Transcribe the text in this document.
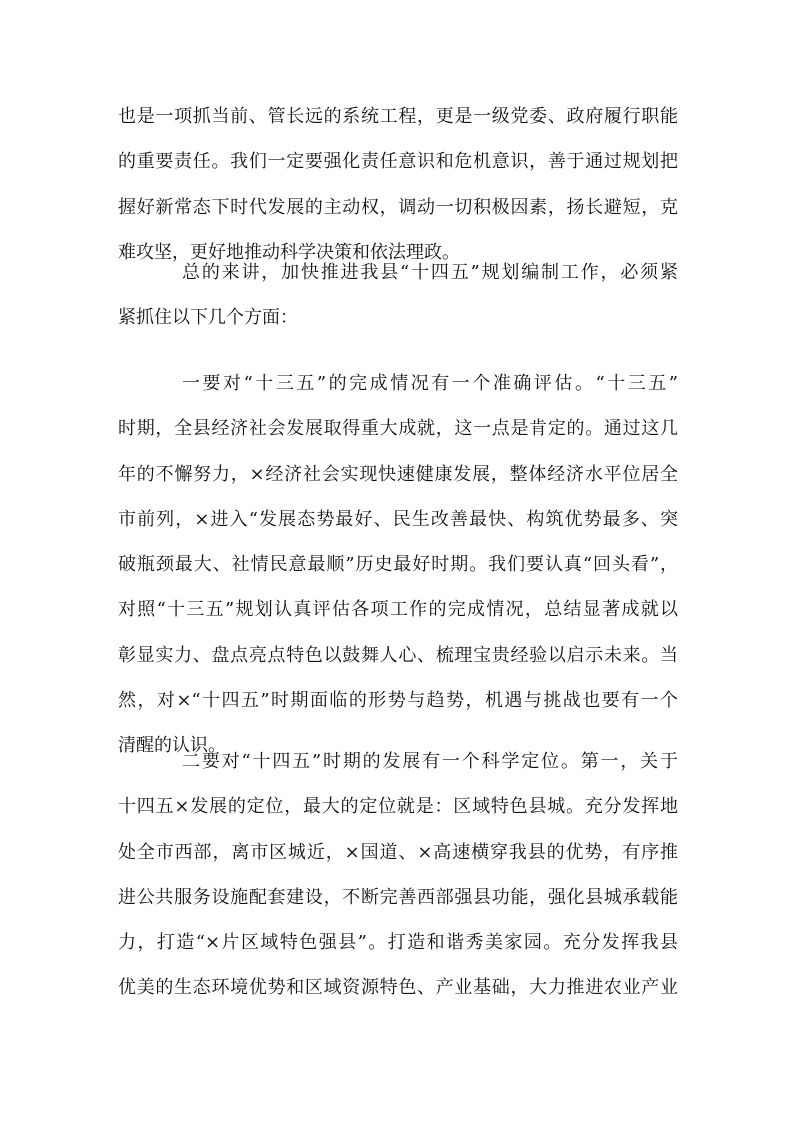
也是一项抓当前、管长远的系统工程，更是一级党委、政府履行职能
的重要责任。我们一定要强化责任意识和危机意识，善于通过规划把
握好新常态下时代发展的主动权，调动一切积极因素，扬长避短，克
难攻坚，更好地推动科学决策和依法理政。
总的来讲，加快推进我县“十四五”规划编制工作，必须紧
紧抓住以下几个方面：
一要对“十三五”的完成情况有一个准确评估。“十三五”
时期，全县经济社会发展取得重大成就，这一点是肯定的。通过这几
年的不懈努力，×经济社会实现快速健康发展，整体经济水平位居全
市前列，×进入“发展态势最好、民生改善最快、构筑优势最多、突
破瓶颈最大、社情民意最顺”历史最好时期。我们要认真“回头看”，
对照“十三五”规划认真评估各项工作的完成情况，总结显著成就以
彰显实力、盘点亮点特色以鼓舞人心、梳理宝贵经验以启示未来。当
然，对×“十四五”时期面临的形势与趋势，机遇与挑战也要有一个
清醒的认识。
二要对“十四五”时期的发展有一个科学定位。第一，关于
十四五×发展的定位，最大的定位就是：区域特色县城。充分发挥地
处全市西部，离市区城近，×国道、×高速横穿我县的优势，有序推
进公共服务设施配套建设，不断完善西部强县功能，强化县城承载能
力，打造“×片区域特色强县”。打造和谐秀美家园。充分发挥我县
优美的生态环境优势和区域资源特色、产业基础，大力推进农业产业
